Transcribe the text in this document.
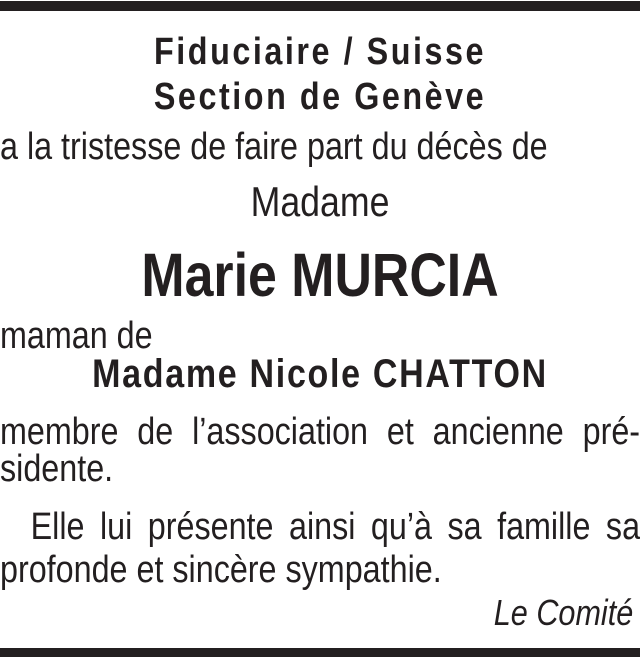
Fiduciaire / Suisse
Section de Genève
a la tristesse de faire part du décès de
Madame
Marie MURCIA
maman de
Madame Nicole CHATTON
membre de l’association et ancienne pré-
sidente.
Elle lui présente ainsi qu’à sa famille sa
profonde et sincère sympathie.
Le Comité
